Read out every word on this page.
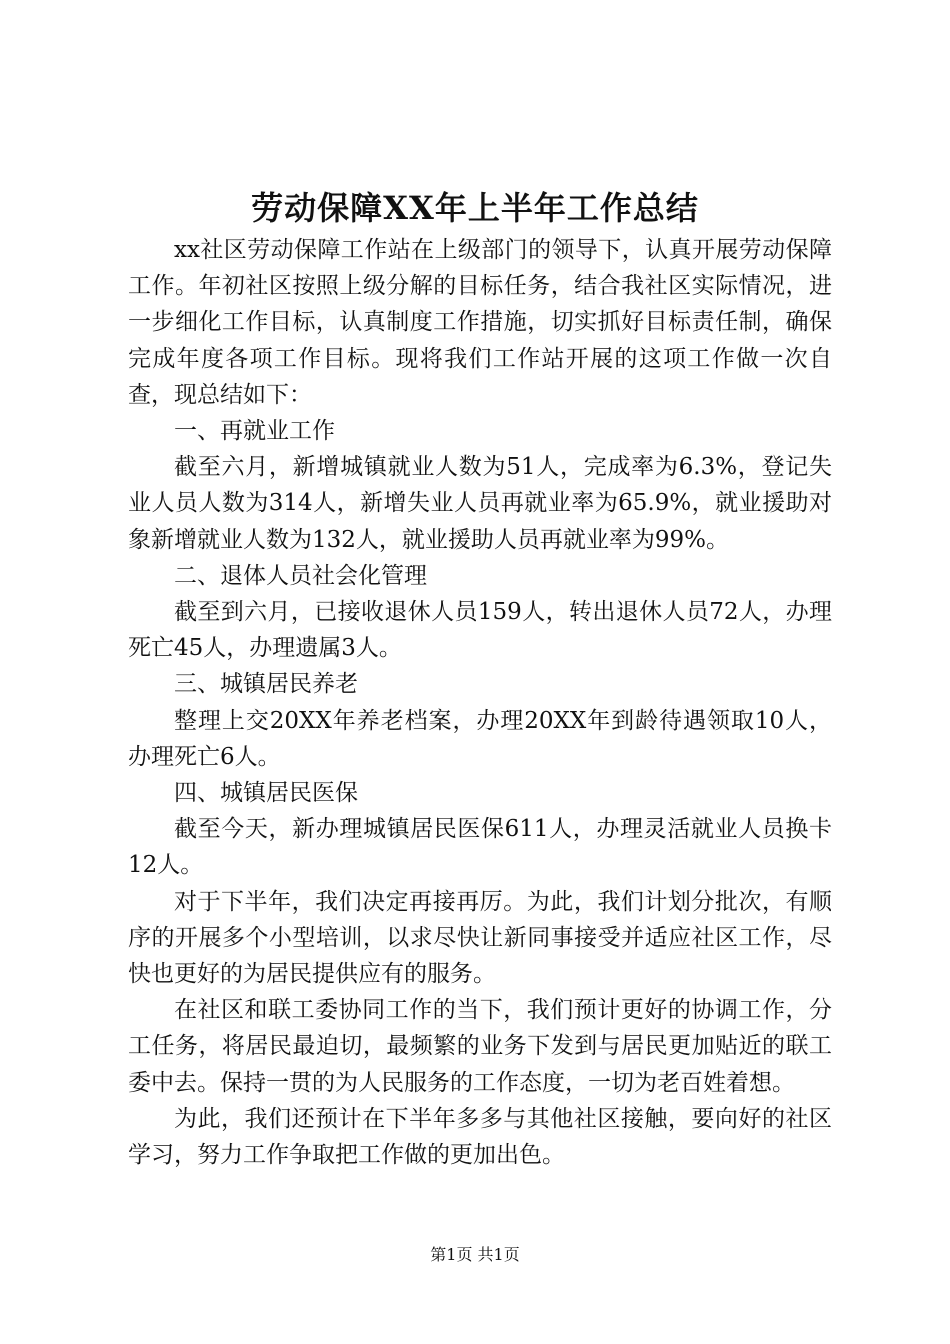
劳动保障XX年上半年工作总结

xx社区劳动保障工作站在上级部门的领导下，认真开展劳动保障工作。年初社区按照上级分解的目标任务，结合我社区实际情况，进一步细化工作目标，认真制度工作措施，切实抓好目标责任制，确保完成年度各项工作目标。现将我们工作站开展的这项工作做一次自查，现总结如下：

一、再就业工作

截至六月，新增城镇就业人数为51人，完成率为6.3%，登记失业人员人数为314人，新增失业人员再就业率为65.9%，就业援助对象新增就业人数为132人，就业援助人员再就业率为99%。

二、退体人员社会化管理

截至到六月，已接收退休人员159人，转出退休人员72人，办理死亡45人，办理遗属3人。

三、城镇居民养老

整理上交20XX年养老档案，办理20XX年到龄待遇领取10人，办理死亡6人。

四、城镇居民医保

截至今天，新办理城镇居民医保611人，办理灵活就业人员换卡12人。

对于下半年，我们决定再接再厉。为此，我们计划分批次，有顺序的开展多个小型培训，以求尽快让新同事接受并适应社区工作，尽快也更好的为居民提供应有的服务。

在社区和联工委协同工作的当下，我们预计更好的协调工作，分工任务，将居民最迫切，最频繁的业务下发到与居民更加贴近的联工委中去。保持一贯的为人民服务的工作态度，一切为老百姓着想。

为此，我们还预计在下半年多多与其他社区接触，要向好的社区学习，努力工作争取把工作做的更加出色。

第1页 共1页
